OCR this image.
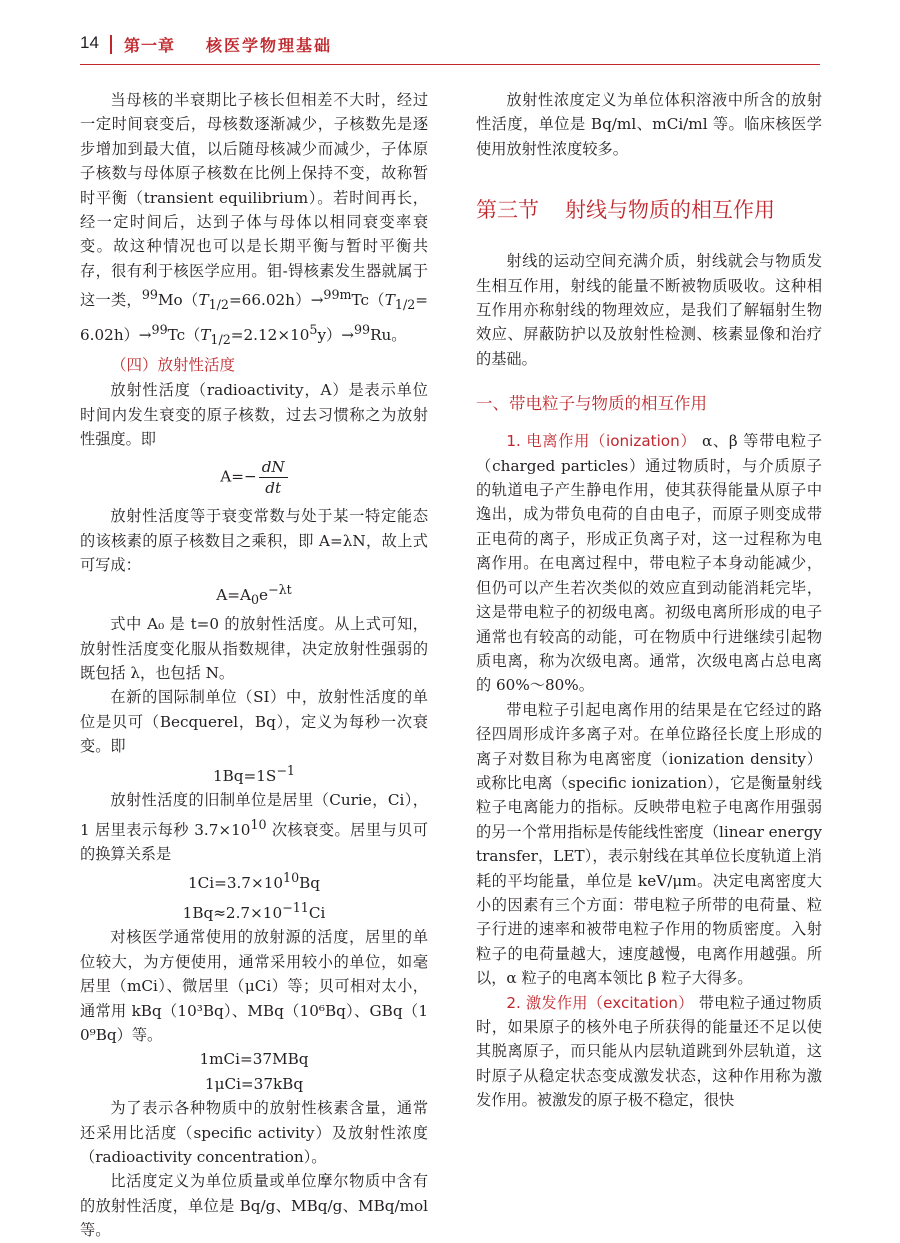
14 第一章 核医学物理基础

当母核的半衰期比子核长但相差不大时，经过一定时间衰变后，母核数逐渐减少，子核数先是逐步增加到最大值，以后随母核减少而减少，子体原子核数与母体原子核数在比例上保持不变，故称暂时平衡（transient equilibrium）。若时间再长，经一定时间后，达到子体与母体以相同衰变率衰变。故这种情况也可以是长期平衡与暂时平衡共存，很有利于核医学应用。钼-锝核素发生器就属于这一类，$^{99}Mo(T_{1/2}=66.02h)\to^{99m}Tc(T_{1/2}=6.02h)\to^{99}Tc(T_{1/2}=2.12\times 10^5y)\to^{99}Ru$。

（四）放射性活度

放射性活度（radioactivity，A）是表示单位时间内发生衰变的原子核数，过去习惯称之为放射性强度。即

$A=- \frac{dN}{dt}$

放射性活度等于衰变常数与处于某一特定能态的该核素的原子核数目之乘积，即 A=λN，故上式可写成：

$A=A_0e^{-\lambda t}$

式中 A₀ 是 t=0 的放射性活度。从上式可知，放射性活度变化服从指数规律，决定放射性强弱的既包括 λ，也包括 N。

在新的国际制单位（SI）中，放射性活度的单位是贝可（Becquerel，Bq），定义为每秒一次衰变。即

$1Bq=1S^{-1}$

放射性活度的旧制单位是居里（Curie，Ci），1 居里表示每秒 $3.7\times 10^{10}$ 次核衰变。居里与贝可的换算关系是

$1Ci=3.7\times 10^{10}Bq$

$1Bq\approx 2.7\times 10^{-11}Ci$

对核医学通常使用的放射源的活度，居里的单位较大，为方便使用，通常采用较小的单位，如毫居里（mCi）、微居里（μCi）等；贝可相对太小，通常用 kBq（10³Bq）、MBq（10⁶Bq）、GBq（10⁹Bq）等。

1mCi=37MBq

1μCi=37kBq

为了表示各种物质中的放射性核素含量，通常还采用比活度（specific activity）及放射性浓度（radioactivity concentration）。

比活度定义为单位质量或单位摩尔物质中含有的放射性活度，单位是 Bq/g、MBq/g、MBq/mol 等。

放射性浓度定义为单位体积溶液中所含的放射性活度，单位是 Bq/ml、mCi/ml 等。临床核医学使用放射性浓度较多。

第三节 射线与物质的相互作用

射线的运动空间充满介质，射线就会与物质发生相互作用，射线的能量不断被物质吸收。这种相互作用亦称射线的物理效应，是我们了解辐射生物效应、屏蔽防护以及放射性检测、核素显像和治疗的基础。

一、带电粒子与物质的相互作用

1. 电离作用（ionization） α、β 等带电粒子（charged particles）通过物质时，与介质原子的轨道电子产生静电作用，使其获得能量从原子中逸出，成为带负电荷的自由电子，而原子则变成带正电荷的离子，形成正负离子对，这一过程称为电离作用。在电离过程中，带电粒子本身动能减少，但仍可以产生若次类似的效应直到动能消耗完毕，这是带电粒子的初级电离。初级电离所形成的电子通常也有较高的动能，可在物质中行进继续引起物质电离，称为次级电离。通常，次级电离占总电离的 60%～80%。

带电粒子引起电离作用的结果是在它经过的路径四周形成许多离子对。在单位路径长度上形成的离子对数目称为电离密度（ionization density）或称比电离（specific ionization），它是衡量射线粒子电离能力的指标。反映带电粒子电离作用强弱的另一个常用指标是传能线性密度（linear energy transfer，LET），表示射线在其单位长度轨道上消耗的平均能量，单位是 keV/μm。决定电离密度大小的因素有三个方面：带电粒子所带的电荷量、粒子行进的速率和被带电粒子作用的物质密度。入射粒子的电荷量越大，速度越慢，电离作用越强。所以，α 粒子的电离本领比 β 粒子大得多。

2. 激发作用（excitation） 带电粒子通过物质时，如果原子的核外电子所获得的能量还不足以使其脱离原子，而只能从内层轨道跳到外层轨道，这时原子从稳定状态变成激发状态，这种作用称为激发作用。被激发的原子极不稳定，很快
